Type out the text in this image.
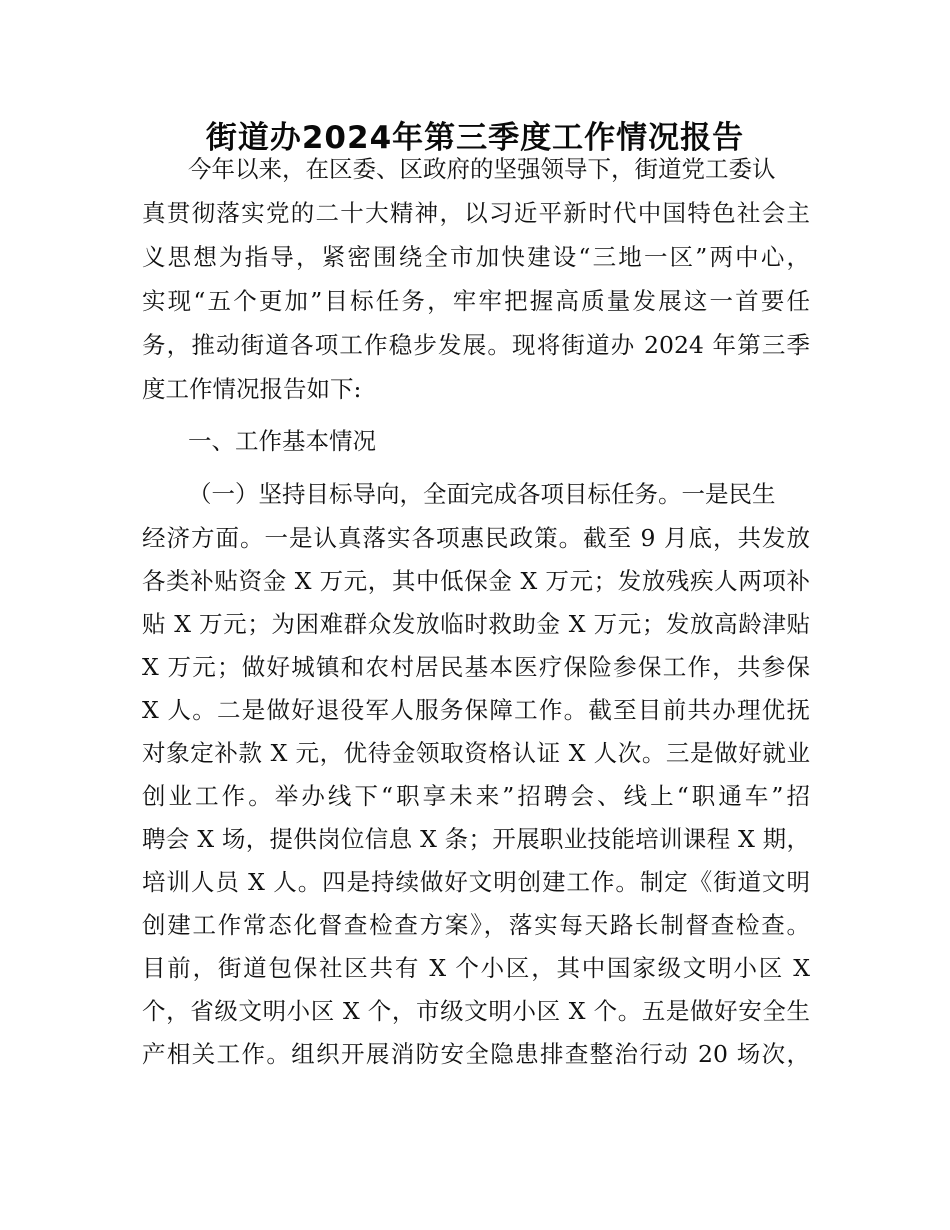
街道办2024年第三季度工作情况报告
今年以来，在区委、区政府的坚强领导下，街道党工委认
真贯彻落实党的二十大精神，以习近平新时代中国特色社会主
义思想为指导，紧密围绕全市加快建设“三地一区”两中心，
实现“五个更加”目标任务，牢牢把握高质量发展这一首要任
务，推动街道各项工作稳步发展。现将街道办 2024 年第三季
度工作情况报告如下:
一、工作基本情况
（一）坚持目标导向，全面完成各项目标任务。一是民生
经济方面。一是认真落实各项惠民政策。截至 9 月底，共发放
各类补贴资金 X 万元，其中低保金 X 万元；发放残疾人两项补
贴 X 万元；为困难群众发放临时救助金 X 万元；发放高龄津贴
X 万元；做好城镇和农村居民基本医疗保险参保工作，共参保
X 人。二是做好退役军人服务保障工作。截至目前共办理优抚
对象定补款 X 元，优待金领取资格认证 X 人次。三是做好就业
创业工作。举办线下“职享未来”招聘会、线上“职通车”招
聘会 X 场，提供岗位信息 X 条；开展职业技能培训课程 X 期，
培训人员 X 人。四是持续做好文明创建工作。制定《街道文明
创建工作常态化督查检查方案》，落实每天路长制督查检查。
目前，街道包保社区共有 X 个小区，其中国家级文明小区 X
个，省级文明小区 X 个，市级文明小区 X 个。五是做好安全生
产相关工作。组织开展消防安全隐患排查整治行动 20 场次，
